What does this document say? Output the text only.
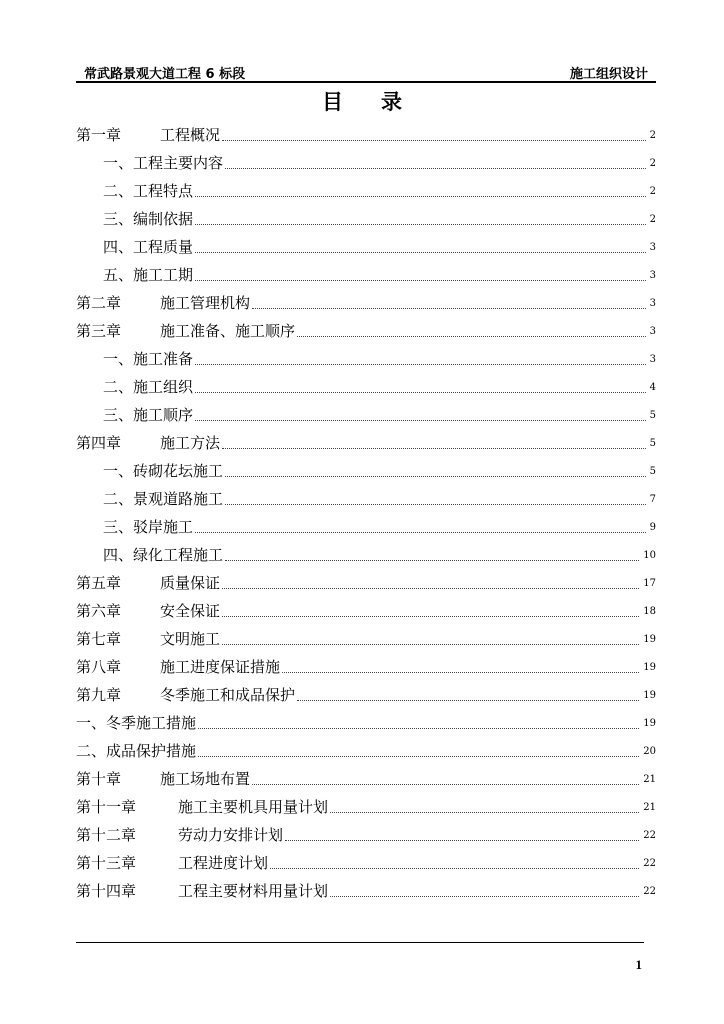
常武路景观大道工程 6 标段	施工组织设计
目录
第一章	工程概况	2
一、 工程主要内容	2
二、 工程特点	2
三、 编制依据	2
四、 工程质量	3
五、 施工工期	3
第二章	施工管理机构	3
第三章	施工准备、施工顺序	3
一、 施工准备	3
二、 施工组织	4
三、 施工顺序	5
第四章	施工方法	5
一、 砖砌花坛施工	5
二、 景观道路施工	7
三、 驳岸施工	9
四、 绿化工程施工	10
第五章	质量保证	17
第六章	安全保证	18
第七章	文明施工	19
第八章	施工进度保证措施	19
第九章	冬季施工和成品保护	19
一、 冬季施工措施	19
二、 成品保护措施	20
第十章	施工场地布置	21
第十一章	施工主要机具用量计划	21
第十二章	劳动力安排计划	22
第十三章	工程进度计划	22
第十四章	工程主要材料用量计划	22
1
